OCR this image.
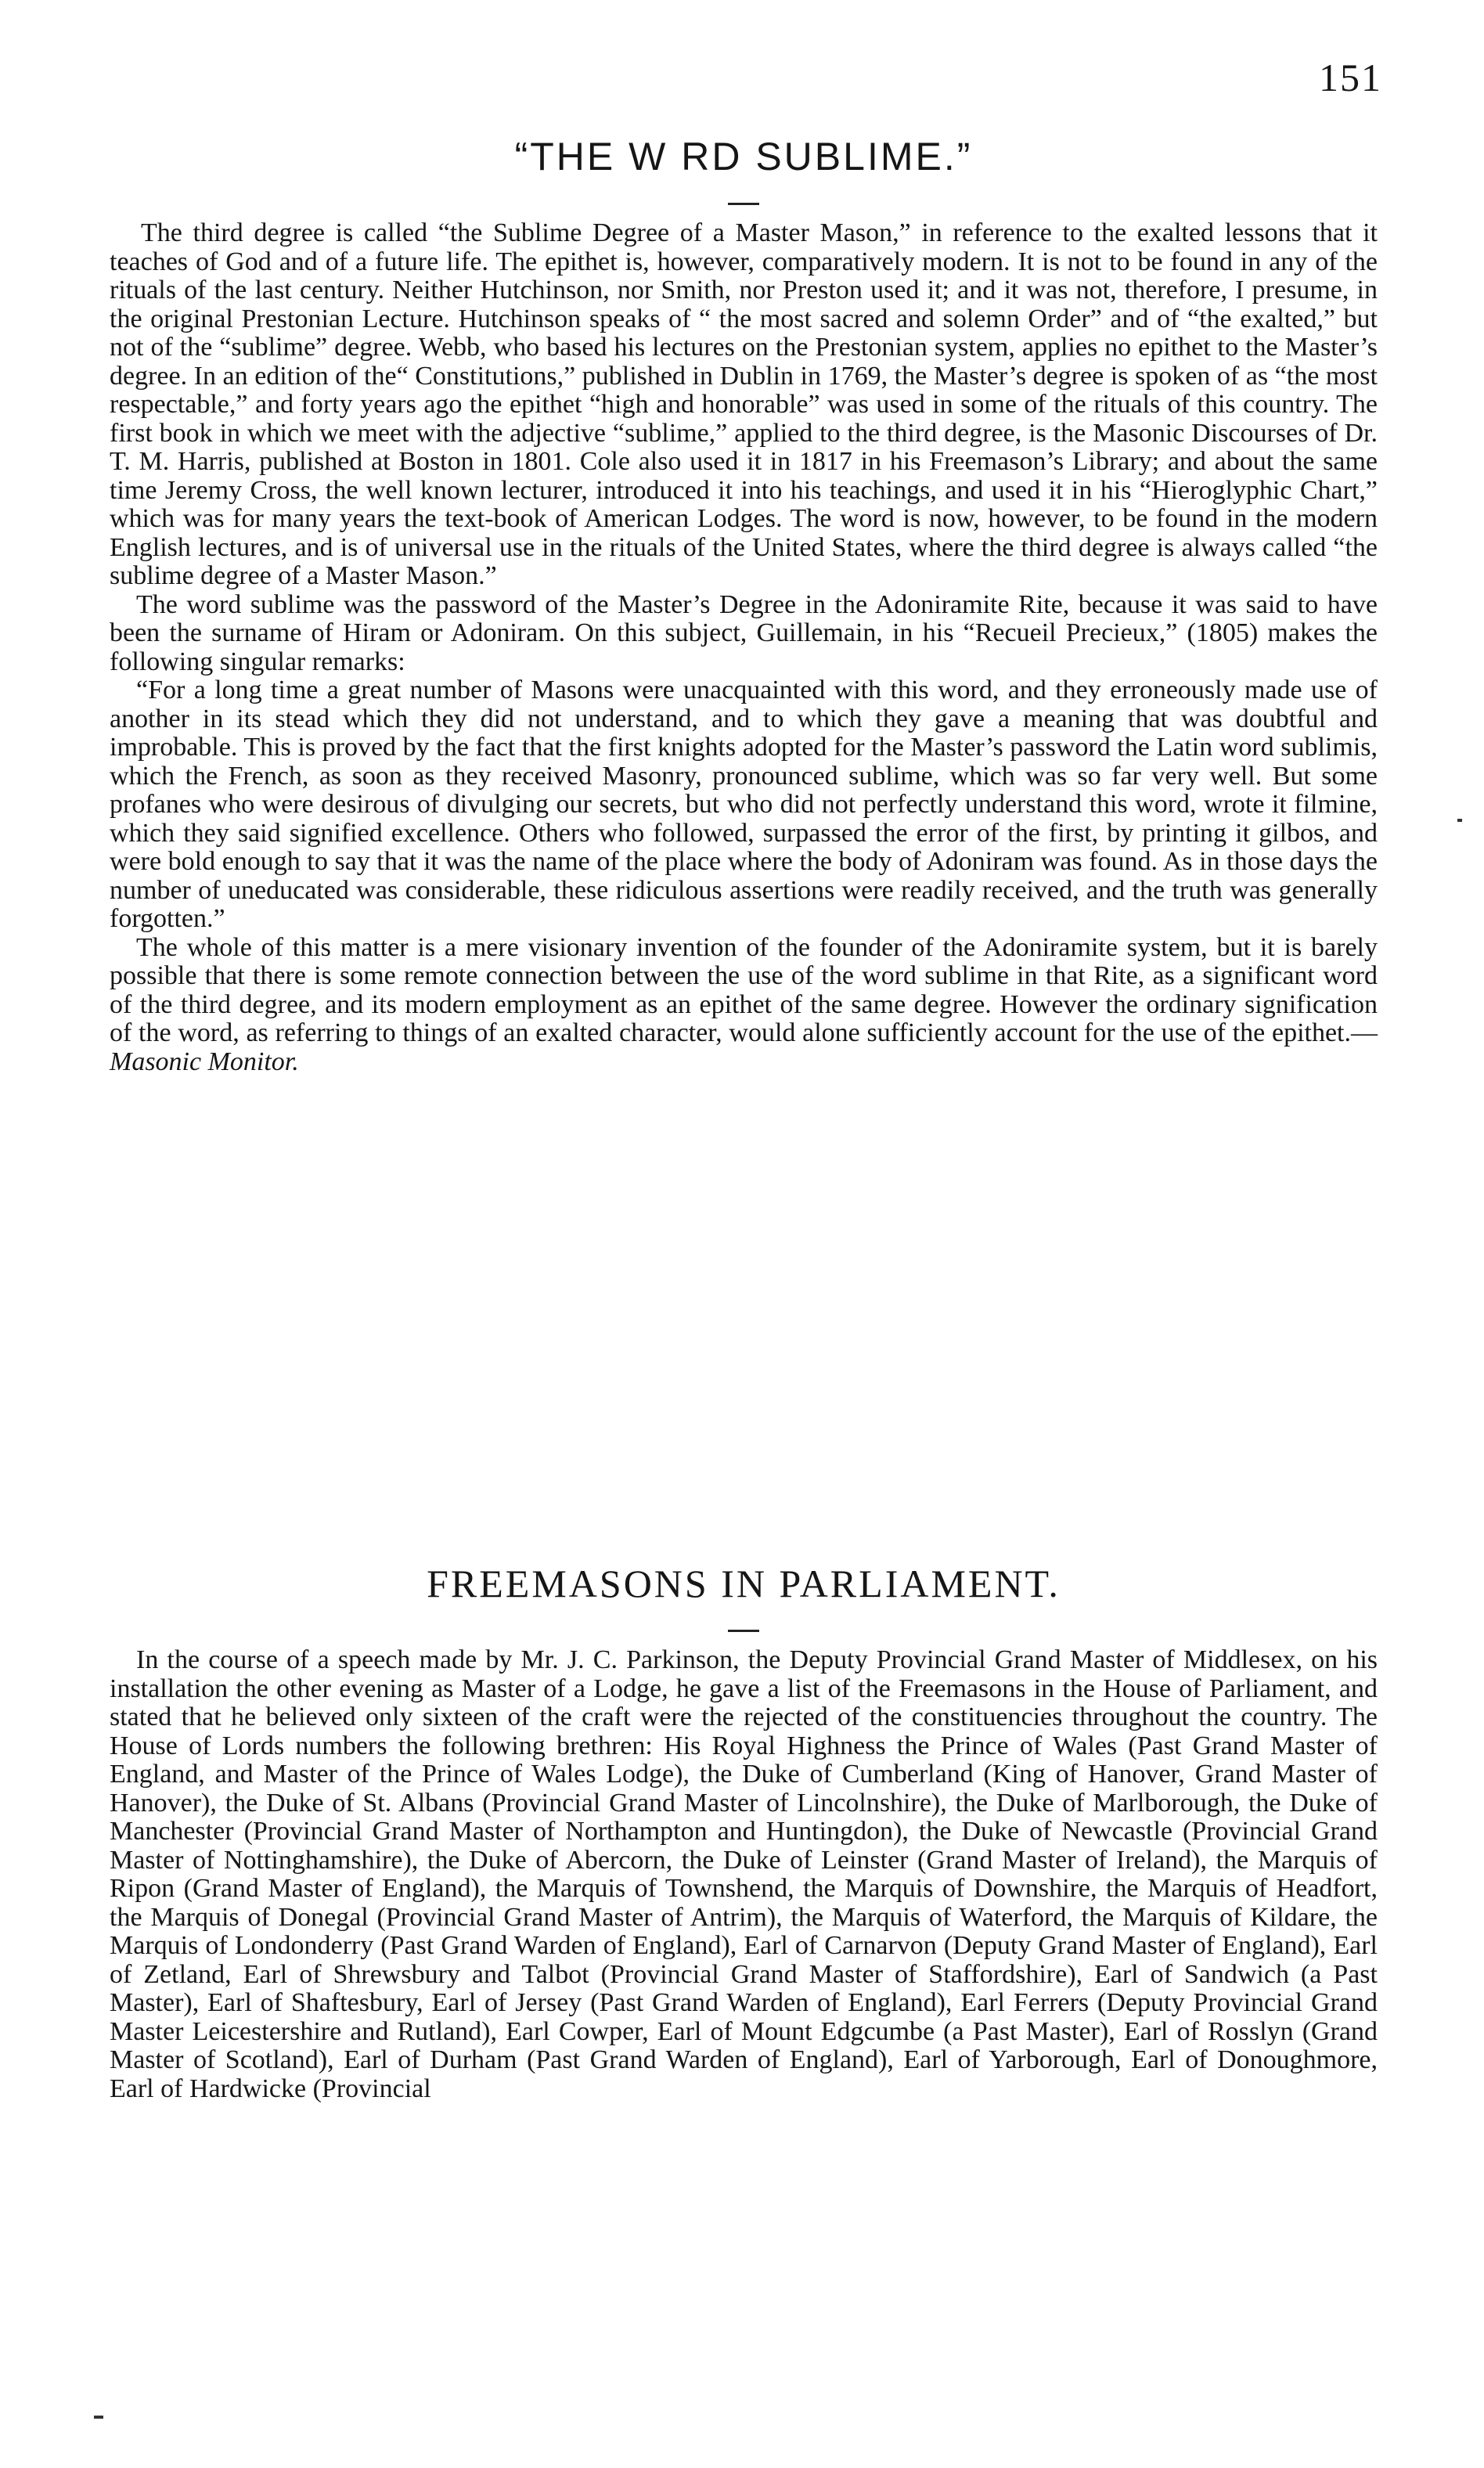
151
“THE W RD SUBLIME.”

The third degree is called “the Sublime Degree of a Master Mason,” in reference to the exalted lessons that it teaches of God and of a future life. The epithet is, however, comparatively modern. It is not to be found in any of the rituals of the last century. Neither Hutchinson, nor Smith, nor Preston used it; and it was not, therefore, I presume, in the original Prestonian Lecture. Hutchinson speaks of “ the most sacred and solemn Order” and of “the exalted,” but not of the “sublime” degree. Webb, who based his lectures on the Prestonian system, applies no epithet to the Master’s degree. In an edition of the“ Constitutions,” published in Dublin in 1769, the Master’s degree is spoken of as “the most respectable,” and forty years ago the epithet “high and honorable” was used in some of the rituals of this country. The first book in which we meet with the adjective “sublime,” applied to the third degree, is the Masonic Discourses of Dr. T. M. Harris, published at Boston in 1801. Cole also used it in 1817 in his Freemason’s Library; and about the same time Jeremy Cross, the well known lecturer, introduced it into his teachings, and used it in his “Hieroglyphic Chart,” which was for many years the text-book of American Lodges. The word is now, however, to be found in the modern English lectures, and is of universal use in the rituals of the United States, where the third degree is always called “the sublime degree of a Master Mason.”

The word sublime was the password of the Master’s Degree in the Adoniramite Rite, because it was said to have been the surname of Hiram or Adoniram. On this subject, Guillemain, in his “Recueil Precieux,” (1805) makes the following singular remarks:

“For a long time a great number of Masons were unacquainted with this word, and they erroneously made use of another in its stead which they did not understand, and to which they gave a meaning that was doubtful and improbable. This is proved by the fact that the first knights adopted for the Master’s password the Latin word sublimis, which the French, as soon as they received Masonry, pronounced sublime, which was so far very well. But some profanes who were desirous of divulging our secrets, but who did not perfectly understand this word, wrote it filmine, which they said signified excellence. Others who followed, surpassed the error of the first, by printing it gilbos, and were bold enough to say that it was the name of the place where the body of Adoniram was found. As in those days the number of uneducated was considerable, these ridiculous assertions were readily received, and the truth was generally forgotten.”

The whole of this matter is a mere visionary invention of the founder of the Adoniramite system, but it is barely possible that there is some remote connection between the use of the word sublime in that Rite, as a significant word of the third degree, and its modern employment as an epithet of the same degree. However the ordinary signification of the word, as referring to things of an exalted character, would alone sufficiently account for the use of the epithet.—Masonic Monitor.

FREEMASONS IN PARLIAMENT.

In the course of a speech made by Mr. J. C. Parkinson, the Deputy Provincial Grand Master of Middlesex, on his installation the other evening as Master of a Lodge, he gave a list of the Freemasons in the House of Parliament, and stated that he believed only sixteen of the craft were the rejected of the constituencies throughout the country. The House of Lords numbers the following brethren: His Royal Highness the Prince of Wales (Past Grand Master of England, and Master of the Prince of Wales Lodge), the Duke of Cumberland (King of Hanover, Grand Master of Hanover), the Duke of St. Albans (Provincial Grand Master of Lincolnshire), the Duke of Marlborough, the Duke of Manchester (Provincial Grand Master of Northampton and Huntingdon), the Duke of Newcastle (Provincial Grand Master of Nottinghamshire), the Duke of Abercorn, the Duke of Leinster (Grand Master of Ireland), the Marquis of Ripon (Grand Master of England), the Marquis of Townshend, the Marquis of Downshire, the Marquis of Headfort, the Marquis of Donegal (Provincial Grand Master of Antrim), the Marquis of Waterford, the Marquis of Kildare, the Marquis of Londonderry (Past Grand Warden of England), Earl of Carnarvon (Deputy Grand Master of England), Earl of Zetland, Earl of Shrewsbury and Talbot (Provincial Grand Master of Staffordshire), Earl of Sandwich (a Past Master), Earl of Shaftesbury, Earl of Jersey (Past Grand Warden of England), Earl Ferrers (Deputy Provincial Grand Master Leicestershire and Rutland), Earl Cowper, Earl of Mount Edgcumbe (a Past Master), Earl of Rosslyn (Grand Master of Scotland), Earl of Durham (Past Grand Warden of England), Earl of Yarborough, Earl of Donoughmore, Earl of Hardwicke (Provincial
